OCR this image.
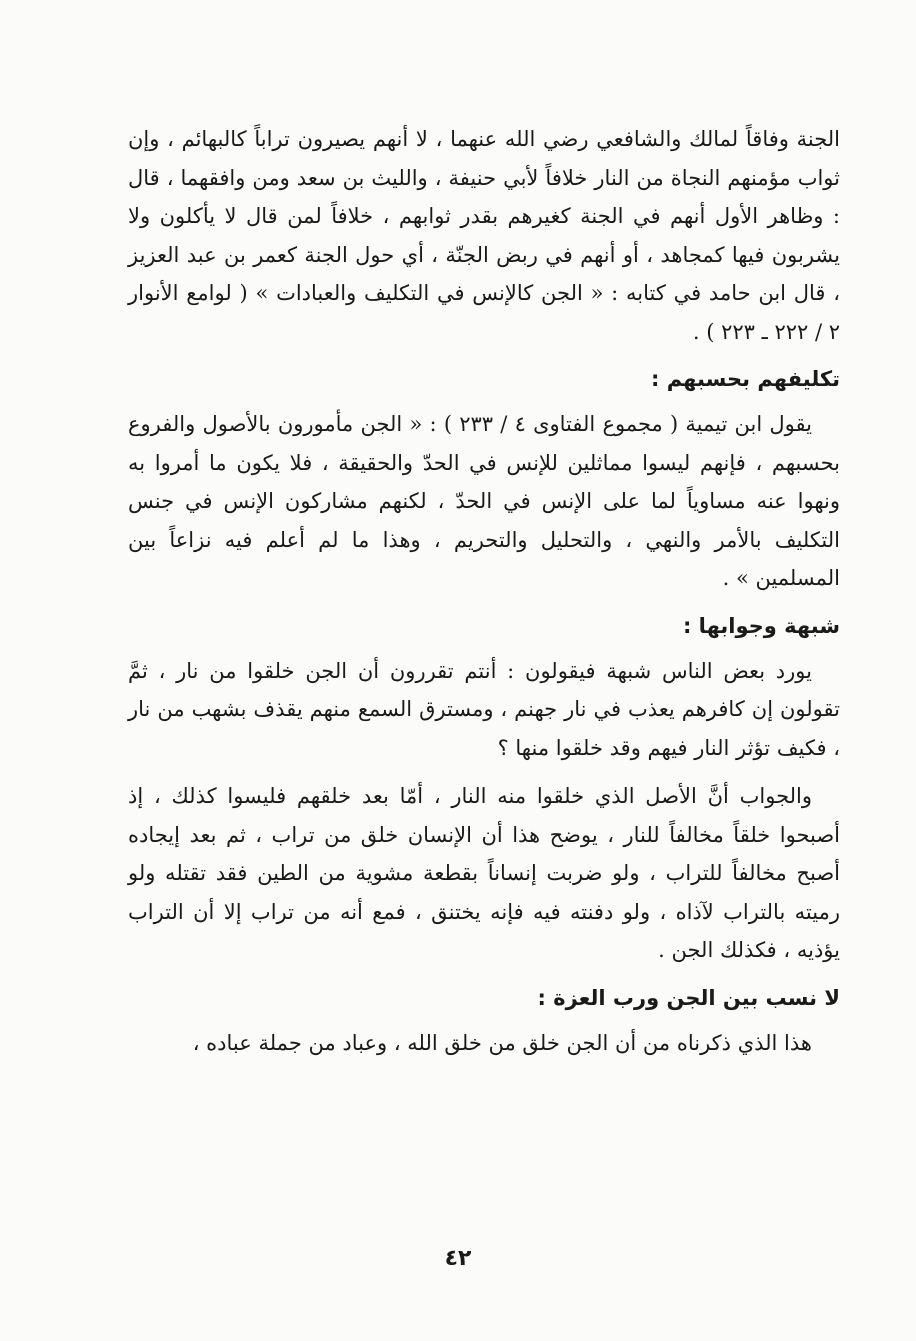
الجنة وفاقاً لمالك والشافعي رضي الله عنهما ، لا أنهم يصيرون تراباً كالبهائم ، وإن ثواب مؤمنهم النجاة من النار خلافاً لأبي حنيفة ، والليث بن سعد ومن وافقهما ، قال : وظاهر الأول أنهم في الجنة كغيرهم بقدر ثوابهم ، خلافاً لمن قال لا يأكلون ولا يشربون فيها كمجاهد ، أو أنهم في ربض الجنّة ، أي حول الجنة كعمر بن عبد العزيز ، قال ابن حامد في كتابه : « الجن كالإنس في التكليف والعبادات » ( لوامع الأنوار ٢ / ٢٢٢ ـ ٢٢٣ ) .

تكليفهم بحسبهم :

يقول ابن تيمية ( مجموع الفتاوى ٤ / ٢٣٣ ) : « الجن مأمورون بالأصول والفروع بحسبهم ، فإنهم ليسوا مماثلين للإنس في الحدّ والحقيقة ، فلا يكون ما أمروا به ونهوا عنه مساوياً لما على الإنس في الحدّ ، لكنهم مشاركون الإنس في جنس التكليف بالأمر والنهي ، والتحليل والتحريم ، وهذا ما لم أعلم فيه نزاعاً بين المسلمين » .

شبهة وجوابها :

يورد بعض الناس شبهة فيقولون : أنتم تقررون أن الجن خلقوا من نار ، ثمَّ تقولون إن كافرهم يعذب في نار جهنم ، ومسترق السمع منهم يقذف بشهب من نار ، فكيف تؤثر النار فيهم وقد خلقوا منها ؟

والجواب أنَّ الأصل الذي خلقوا منه النار ، أمّا بعد خلقهم فليسوا كذلك ، إذ أصبحوا خلقاً مخالفاً للنار ، يوضح هذا أن الإنسان خلق من تراب ، ثم بعد إيجاده أصبح مخالفاً للتراب ، ولو ضربت إنساناً بقطعة مشوية من الطين فقد تقتله ولو رميته بالتراب لآذاه ، ولو دفنته فيه فإنه يختنق ، فمع أنه من تراب إلا أن التراب يؤذيه ، فكذلك الجن .

لا نسب بين الجن ورب العزة :

هذا الذي ذكرناه من أن الجن خلق من خلق الله ، وعباد من جملة عباده ،

٤٢
